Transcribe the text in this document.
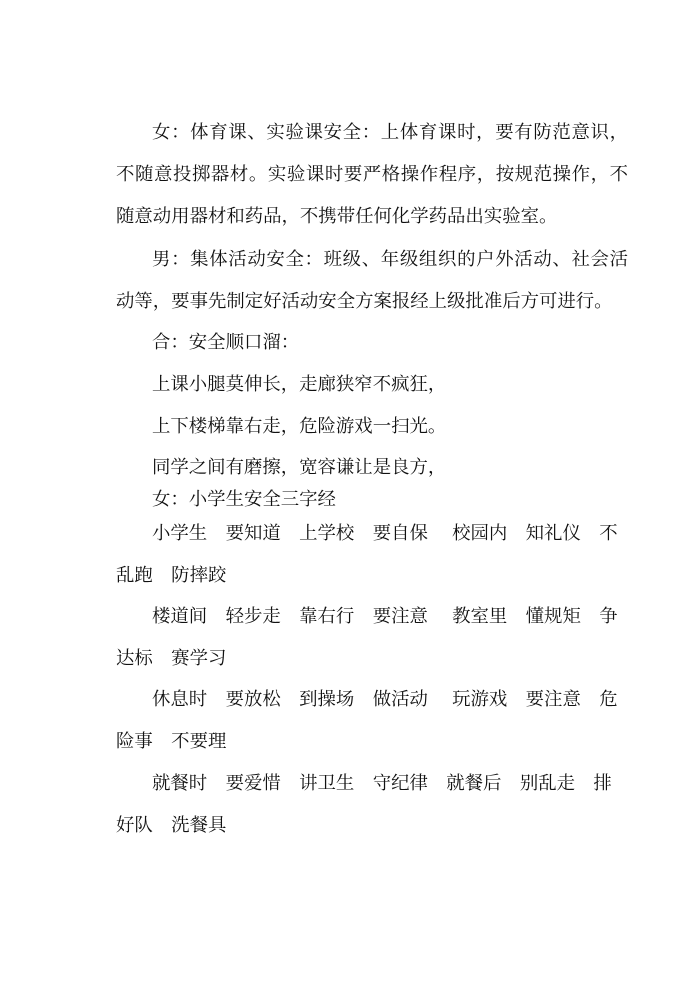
女：体育课、实验课安全：上体育课时，要有防范意识，
不随意投掷器材。实验课时要严格操作程序，按规范操作，不
随意动用器材和药品，不携带任何化学药品出实验室。
男：集体活动安全：班级、年级组织的户外活动、社会活
动等，要事先制定好活动安全方案报经上级批准后方可进行。
合：安全顺口溜：
上课小腿莫伸长，走廊狭窄不疯狂，
上下楼梯靠右走，危险游戏一扫光。
同学之间有磨擦，宽容谦让是良方，
女：小学生安全三字经
小学生　要知道　上学校　要自保　 校园内　知礼仪　不
乱跑　防摔跤
楼道间　轻步走　靠右行　要注意　 教室里　懂规矩　争
达标　赛学习
休息时　要放松　到操场　做活动　 玩游戏　要注意　危
险事　不要理
就餐时　要爱惜　讲卫生　守纪律　就餐后　别乱走　排
好队　洗餐具
